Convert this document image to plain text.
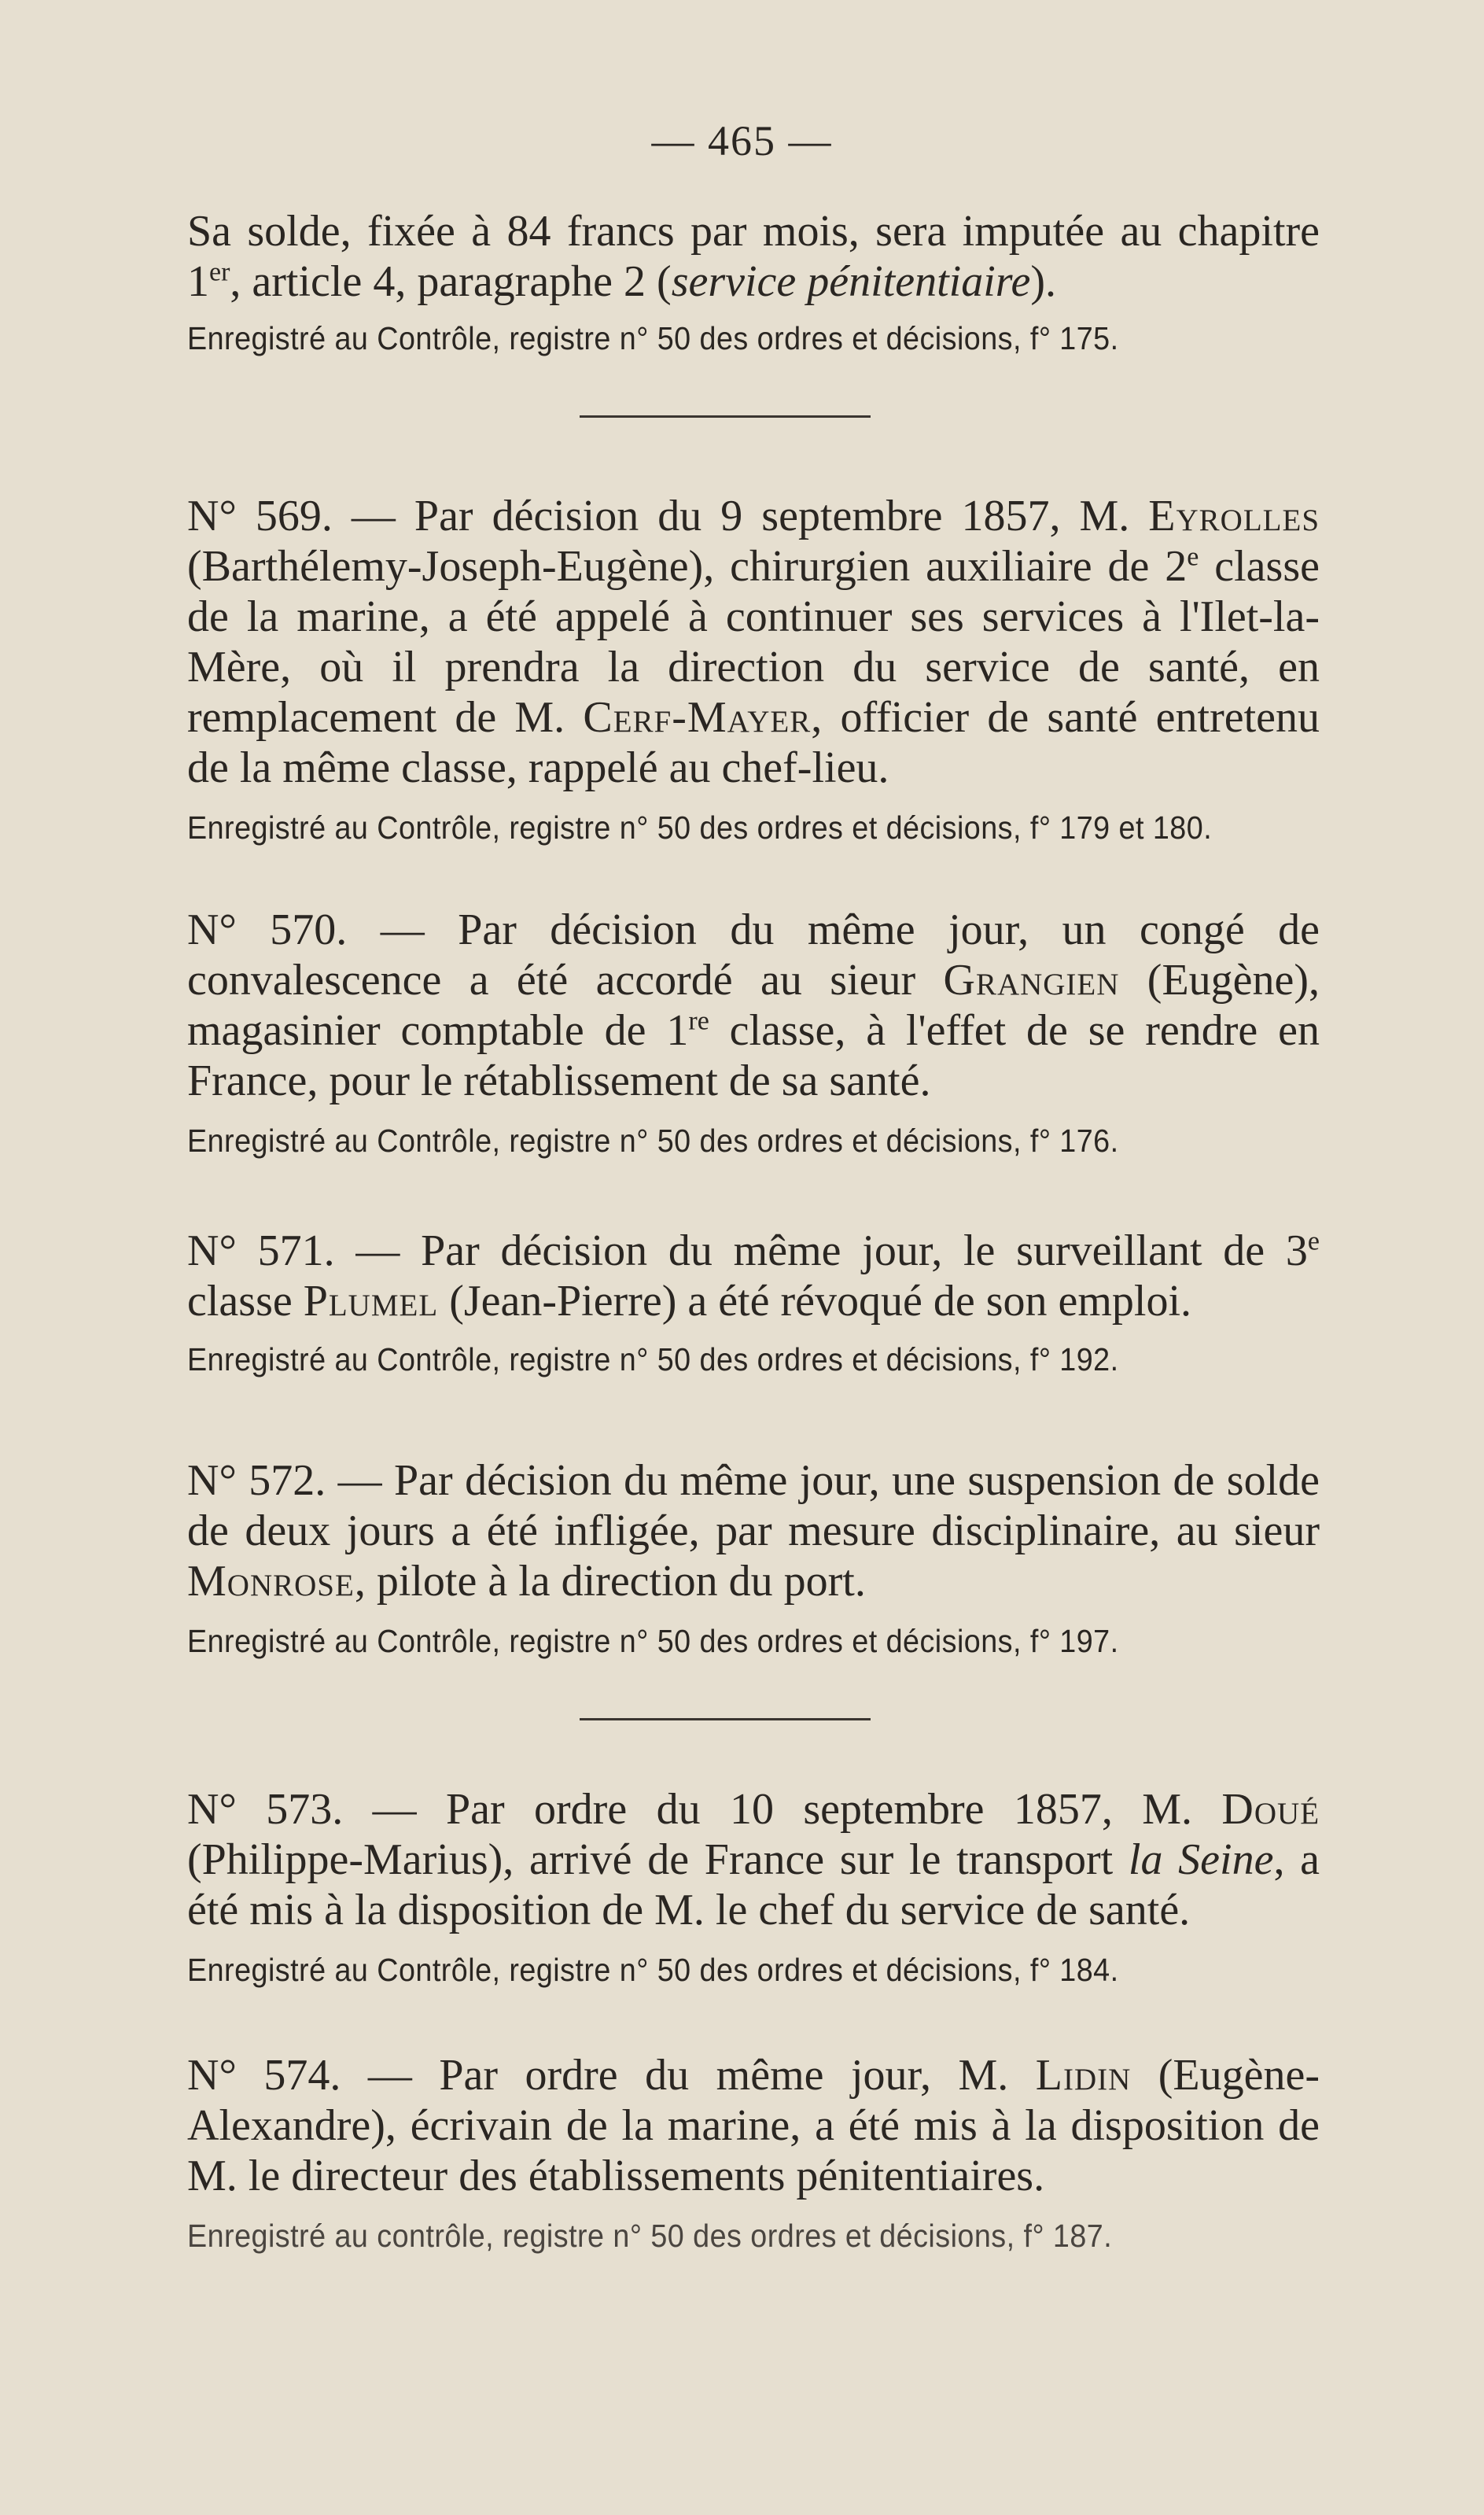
— 465 —

Sa solde, fixée à 84 francs par mois, sera imputée au chapitre 1er, article 4, paragraphe 2 (service pénitentiaire).

Enregistré au Contrôle, registre n° 50 des ordres et décisions, f° 175.

N° 569. — Par décision du 9 septembre 1857, M. Eyrolles (Barthélemy-Joseph-Eugène), chirurgien auxiliaire de 2e classe de la marine, a été appelé à continuer ses services à l'Ilet-la-Mère, où il prendra la direction du service de santé, en remplacement de M. Cerf-Mayer, officier de santé entretenu de la même classe, rappelé au chef-lieu.

Enregistré au Contrôle, registre n° 50 des ordres et décisions, f° 179 et 180.

N° 570. — Par décision du même jour, un congé de convalescence a été accordé au sieur Grangien (Eugène), magasinier comptable de 1re classe, à l'effet de se rendre en France, pour le rétablissement de sa santé.

Enregistré au Contrôle, registre n° 50 des ordres et décisions, f° 176.

N° 571. — Par décision du même jour, le surveillant de 3e classe Plumel (Jean-Pierre) a été révoqué de son emploi.

Enregistré au Contrôle, registre n° 50 des ordres et décisions, f° 192.

N° 572. — Par décision du même jour, une suspension de solde de deux jours a été infligée, par mesure disciplinaire, au sieur Monrose, pilote à la direction du port.

Enregistré au Contrôle, registre n° 50 des ordres et décisions, f° 197.

N° 573. — Par ordre du 10 septembre 1857, M. Doué (Philippe-Marius), arrivé de France sur le transport la Seine, a été mis à la disposition de M. le chef du service de santé.

Enregistré au Contrôle, registre n° 50 des ordres et décisions, f° 184.

N° 574. — Par ordre du même jour, M. Lidin (Eugène-Alexandre), écrivain de la marine, a été mis à la disposition de M. le directeur des établissements pénitentiaires.

Enregistré au contrôle, registre n° 50 des ordres et décisions, f° 187.
